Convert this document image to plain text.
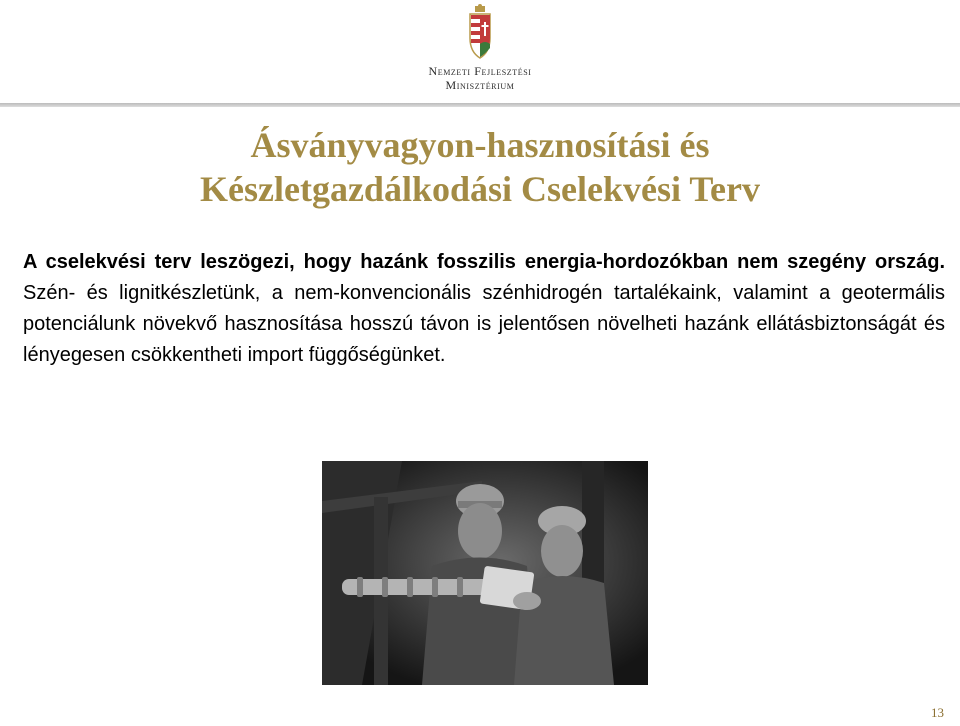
Nemzeti Fejlesztési
Minisztérium
Ásványvagyon-hasznosítási és
Készletgazdálkodási Cselekvési Terv

A cselekvési terv leszögezi, hogy hazánk fosszilis energia-hordozókban nem szegény ország. Szén- és lignitkészletünk, a nem-konvencionális szénhidrogén tartalékaink, valamint a geotermális potenciálunk növekvő hasznosítása hosszú távon is jelentősen növelheti hazánk ellátásbiztonságát és lényegesen csökkentheti import függőségünket.

13
